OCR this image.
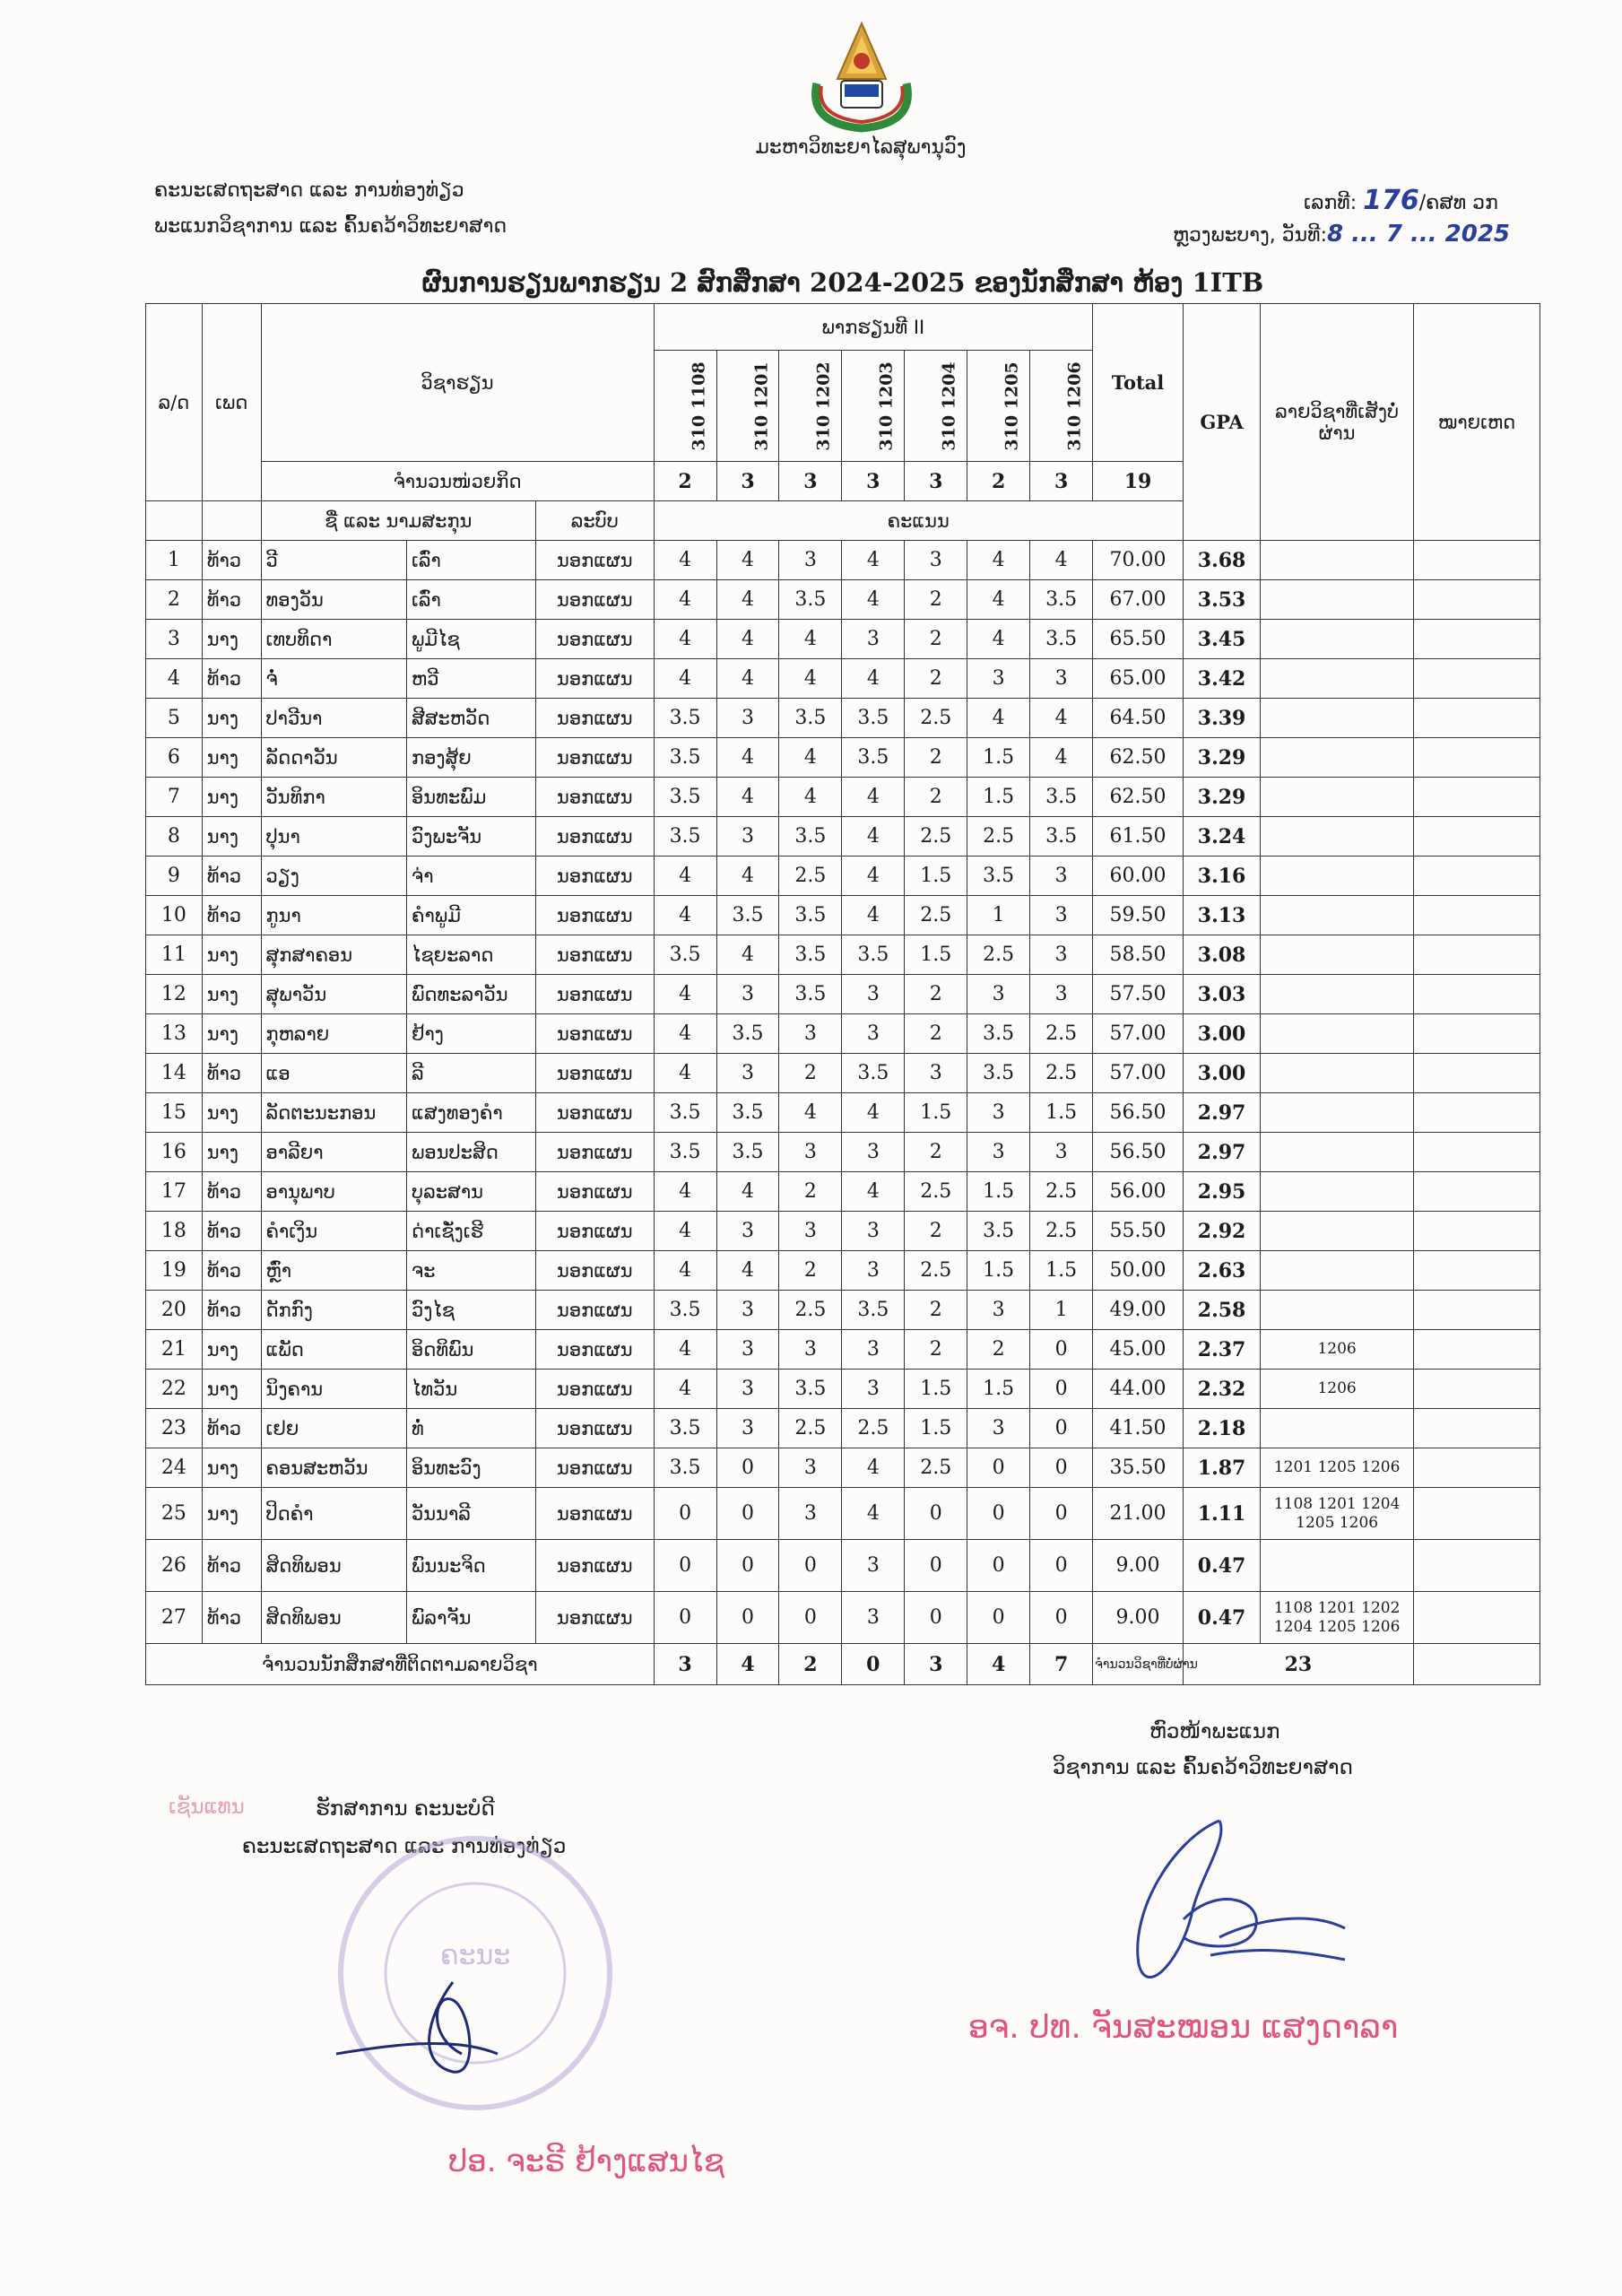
ມະຫາວິທະຍາໄລສຸພານຸວົງ
ຄະນະເສດຖະສາດ ແລະ ການທ່ອງທ່ຽວ
ພະແນກວິຊາການ ແລະ ຄົ້ນຄວ້າວິທະຍາສາດ
ເລກທີ: 176/ຄສທ ວກ
ຫຼວງພະບາງ, ວັນທີ:8 ... 7 ... 2025
ຜົນການຮຽນພາກຮຽນ 2 ສົກສຶກສາ 2024-2025 ຂອງນັກສຶກສາ ຫ້ອງ 1ITB
ລ/ດ	ເພດ	ວິຊາຮຽນ			ພາກຮຽນທີ II							Total	GPA	ລາຍວິຊາທີ່ເສັງບໍ່ຜ່ານ	ໝາຍເຫດ
					310 1108	310 1201	310 1202	310 1203	310 1204	310 1205	310 1206				
		ຈຳນວນໜ່ວຍກິດ			2	3	3	3	3	2	3	19			
		ຊື່ ແລະ ນາມສະກຸນ		ລະບົບ	ຄະແນນ										
1	ທ້າວ	ວີ	ເລົ່າ	ນອກແຜນ	4	4	3	4	3	4	4	70.00	3.68		
2	ທ້າວ	ທອງວັນ	ເລົ່າ	ນອກແຜນ	4	4	3.5	4	2	4	3.5	67.00	3.53		
3	ນາງ	ເທບທິດາ	ພູມີໄຊ	ນອກແຜນ	4	4	4	3	2	4	3.5	65.50	3.45		
4	ທ້າວ	ຈໍ່	ຫວີ	ນອກແຜນ	4	4	4	4	2	3	3	65.00	3.42		
5	ນາງ	ປາວີນາ	ສີສະຫວັດ	ນອກແຜນ	3.5	3	3.5	3.5	2.5	4	4	64.50	3.39		
6	ນາງ	ລັດດາວັນ	ກອງສຸ້ຍ	ນອກແຜນ	3.5	4	4	3.5	2	1.5	4	62.50	3.29		
7	ນາງ	ວັນທິກາ	ອິນທະພົມ	ນອກແຜນ	3.5	4	4	4	2	1.5	3.5	62.50	3.29		
8	ນາງ	ປຸນາ	ວົງພະຈັນ	ນອກແຜນ	3.5	3	3.5	4	2.5	2.5	3.5	61.50	3.24		
9	ທ້າວ	ວຽງ	ຈ່າ	ນອກແຜນ	4	4	2.5	4	1.5	3.5	3	60.00	3.16		
10	ທ້າວ	ກູນາ	ຄຳພູມີ	ນອກແຜນ	4	3.5	3.5	4	2.5	1	3	59.50	3.13		
11	ນາງ	ສຸກສາຄອນ	ໄຊຍະລາດ	ນອກແຜນ	3.5	4	3.5	3.5	1.5	2.5	3	58.50	3.08		
12	ນາງ	ສຸພາວັນ	ພົດທະລາວັນ	ນອກແຜນ	4	3	3.5	3	2	3	3	57.50	3.03		
13	ນາງ	ກຸຫລາຍ	ຢ້າງ	ນອກແຜນ	4	3.5	3	3	2	3.5	2.5	57.00	3.00		
14	ທ້າວ	ແອ	ລີ	ນອກແຜນ	4	3	2	3.5	3	3.5	2.5	57.00	3.00		
15	ນາງ	ລັດຕະນະກອນ	ແສງທອງຄຳ	ນອກແຜນ	3.5	3.5	4	4	1.5	3	1.5	56.50	2.97		
16	ນາງ	ອາລີຍາ	ພອນປະສິດ	ນອກແຜນ	3.5	3.5	3	3	2	3	3	56.50	2.97		
17	ທ້າວ	ອານຸພາບ	ບຸລະສານ	ນອກແຜນ	4	4	2	4	2.5	1.5	2.5	56.00	2.95		
18	ທ້າວ	ຄຳເງິນ	ດ່າເຊັ່ງເຮີ	ນອກແຜນ	4	3	3	3	2	3.5	2.5	55.50	2.92		
19	ທ້າວ	ຫຼົ່າ	ຈະ	ນອກແຜນ	4	4	2	3	2.5	1.5	1.5	50.00	2.63		
20	ທ້າວ	ດັກກົງ	ວົງໄຊ	ນອກແຜນ	3.5	3	2.5	3.5	2	3	1	49.00	2.58		
21	ນາງ	ແພັດ	ອິດທິພົນ	ນອກແຜນ	4	3	3	3	2	2	0	45.00	2.37	1206	
22	ນາງ	ນິງຄານ	ໄທວັນ	ນອກແຜນ	4	3	3.5	3	1.5	1.5	0	44.00	2.32	1206	
23	ທ້າວ	ເຢຍ	ທໍ່	ນອກແຜນ	3.5	3	2.5	2.5	1.5	3	0	41.50	2.18		
24	ນາງ	ຄອນສະຫວັນ	ອິນທະວົງ	ນອກແຜນ	3.5	0	3	4	2.5	0	0	35.50	1.87	1201 1205 1206	
25	ນາງ	ປິດຄຳ	ວັນນາລີ	ນອກແຜນ	0	0	3	4	0	0	0	21.00	1.11	1108 1201 1204 1205 1206	
26	ທ້າວ	ສິດທິພອນ	ພົນນະຈິດ	ນອກແຜນ	0	0	0	3	0	0	0	9.00	0.47		
27	ທ້າວ	ສິດທິພອນ	ພົລາຈັນ	ນອກແຜນ	0	0	0	3	0	0	0	9.00	0.47	1108 1201 1202 1204 1205 1206	
ຈຳນວນນັກສຶກສາທີ່ຕິດຕາມລາຍວິຊາ					3	4	2	0	3	4	7	ຈຳນວນວິຊາທີ່ບໍ່ຜ່ານ	23		
ຫົວໜ້າພະແນກ
ວິຊາການ ແລະ ຄົ້ນຄວ້າວິທະຍາສາດ
ອຈ. ປທ. ຈັນສະໝອນ ແສງດາລາ
ເຊັນແທນ	ຮັກສາການ ຄະນະບໍດີ
ຄະນະເສດຖະສາດ ແລະ ການທ່ອງທ່ຽວ
ຄະນະ
ປອ. ຈະຣີ ຢ້າງແສນໄຊ
